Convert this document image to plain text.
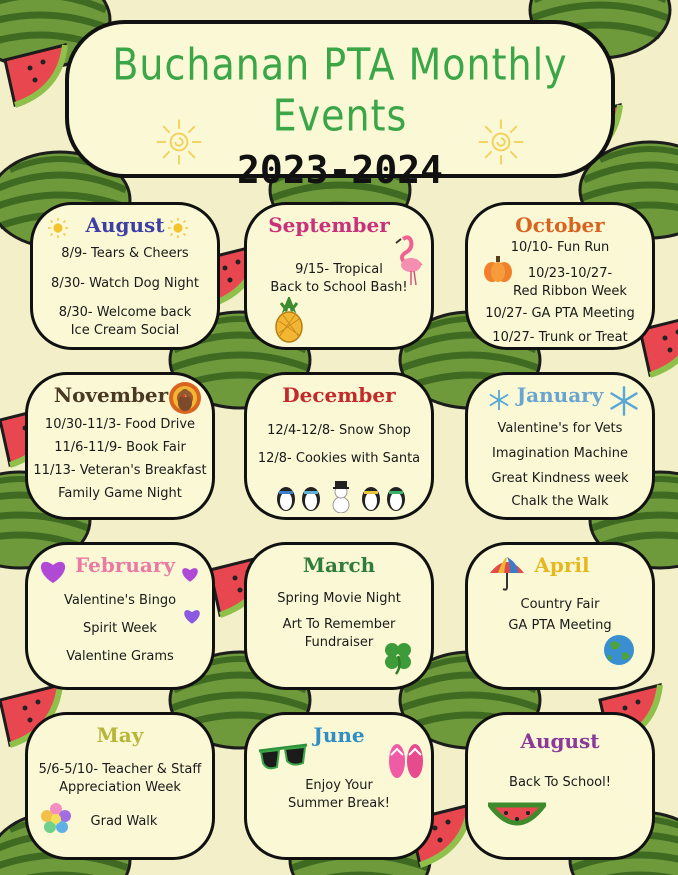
Buchanan PTA Monthly Events
2023-2024
August
8/9- Tears & Cheers
8/30- Watch Dog Night
8/30- Welcome back
Ice Cream Social
September
9/15- Tropical
Back to School Bash!
October
10/10- Fun Run
10/23-10/27-
Red Ribbon Week
10/27- GA PTA Meeting
10/27- Trunk or Treat
November
10/30-11/3- Food Drive
11/6-11/9- Book Fair
11/13- Veteran's Breakfast
Family Game Night
December
12/4-12/8- Snow Shop
12/8- Cookies with Santa
January
Valentine's for Vets
Imagination Machine
Great Kindness week
Chalk the Walk
February
Valentine's Bingo
Spirit Week
Valentine Grams
March
Spring Movie Night
Art To Remember
Fundraiser
April
Country Fair
GA PTA Meeting
May
5/6-5/10- Teacher & Staff
Appreciation Week
Grad Walk
June
Enjoy Your
Summer Break!
August
Back To School!
